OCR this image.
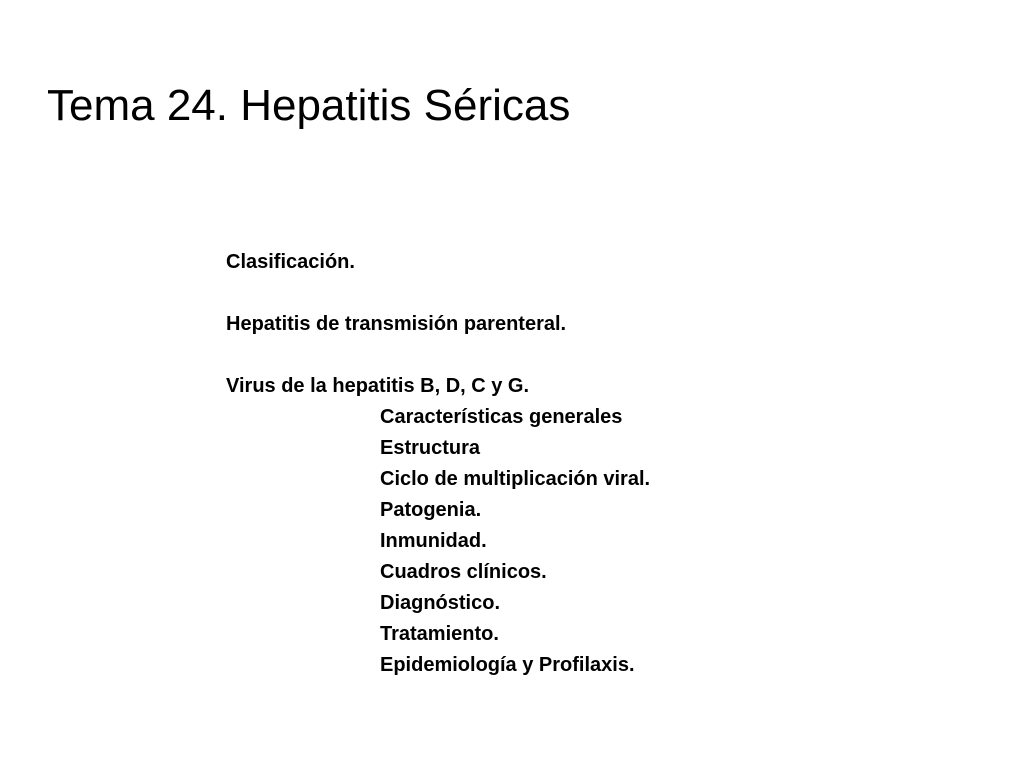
Tema 24. Hepatitis Séricas
Clasificación.
Hepatitis de transmisión parenteral.
Virus de la hepatitis B, D, C y G.
Características generales
Estructura
Ciclo de multiplicación viral.
Patogenia.
Inmunidad.
Cuadros clínicos.
Diagnóstico.
Tratamiento.
Epidemiología y Profilaxis.
